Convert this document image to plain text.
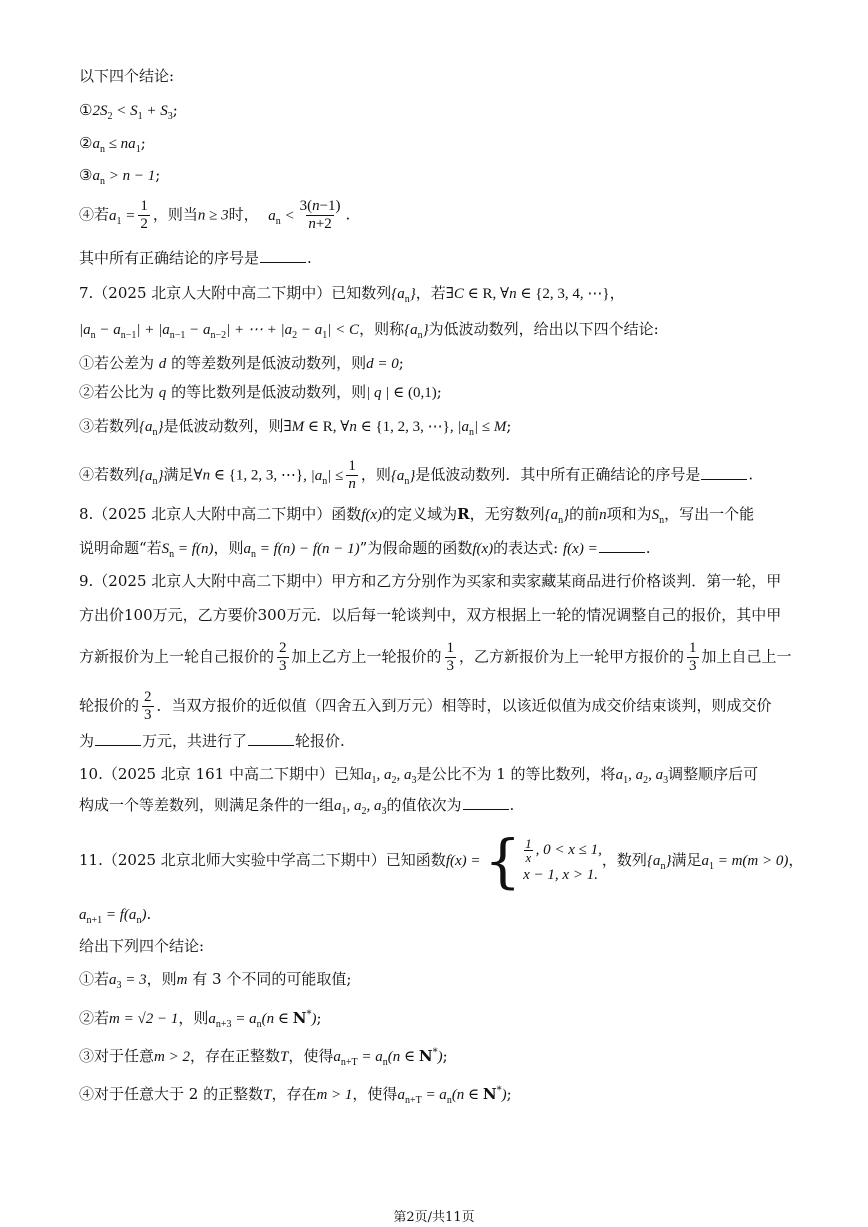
以下四个结论:
$①2S_2 < S_1 + S_3$;
$②a_n \le na_1$;
$③a_n > n - 1$;
④若$a_1 = \frac{1}{2}$ ，则当n ≥ 3时， $a_n < \frac{3(n-1)}{n+2}$ .
其中所有正确结论的序号是	.
7.（2025 北京人大附中高二下期中）已知数列$\{a_n\}$，若∃C ∈ R, ∀n ∈ {2, 3, 4, ⋯}，
$|a_n - a_{n-1}| + |a_{n-1} - a_{n-2}|$ + ⋯ + $|a_2 - a_1| < C$，则称$\{a_n\}$为低波动数列，给出以下四个结论:
①若公差为 d 的等差数列是低波动数列，则d = 0;
②若公比为 q 的等比数列是低波动数列，则| q | ∈ (0,1);
③若数列$\{a_n\}$是低波动数列，则∃M ∈ R, ∀n ∈ {1, 2, 3, ⋯}, $|a_n| \le M$;
④若数列$\{a_n\}$满足∀n ∈ {1, 2, 3, ⋯}, $|a_n| \le \frac{1}{n}$ ，则$\{a_n\}$是低波动数列．其中所有正确结论的序号是	.
8.（2025 北京人大附中高二下期中）函数f(x)的定义域为R，无穷数列$\{a_n\}$的前n项和为$S_n$，写出一个能
说明命题“若$S_n = f(n)$，则$a_n = f(n) - f(n - 1)$”为假命题的函数f(x)的表达式: f(x) =	.
9.（2025 北京人大附中高二下期中）甲方和乙方分别作为买家和卖家藏某商品进行价格谈判．第一轮，甲
方出价100万元，乙方要价300万元．以后每一轮谈判中，双方根据上一轮的情况调整自己的报价，其中甲
方新报价为上一轮自己报价的 $\frac{2}{3}$ 加上乙方上一轮报价的 $\frac{1}{3}$ ，乙方新报价为上一轮甲方报价的 $\frac{1}{3}$ 加上自己上一
轮报价的 $\frac{2}{3}$ ．当双方报价的近似值（四舍五入到万元）相等时，以该近似值为成交价结束谈判，则成交价
为	万元，共进行了	轮报价.
10.（2025 北京 161 中高二下期中）已知$a_1$, $a_2$, $a_3$是公比不为 1 的等比数列，将$a_1$, $a_2$, $a_3$调整顺序后可
构成一个等差数列，则满足条件的一组$a_1$, $a_2$, $a_3$的值依次为	.
11.（2025 北京北师大实验中学高二下期中）已知函数f(x) = { $\frac{1}{x}$ , 0 < x ≤ 1,
x − 1, x > 1.
，数列$\{a_n\}$满足$a_1 = m(m > 0)$，
$a_{n+1} = f(a_n)$.
给出下列四个结论:
①若$a_3 = 3$，则m 有 3 个不同的可能取值;
②若m = √2 − 1，则$a_{n+3} = a_n(n$ ∈ N*);
③对于任意m > 2，存在正整数T，使得$a_{n+T} = a_n(n$ ∈ N*);
④对于任意大于 2 的正整数T，存在m > 1，使得$a_{n+T} = a_n(n$ ∈ N*);
第2页/共11页
